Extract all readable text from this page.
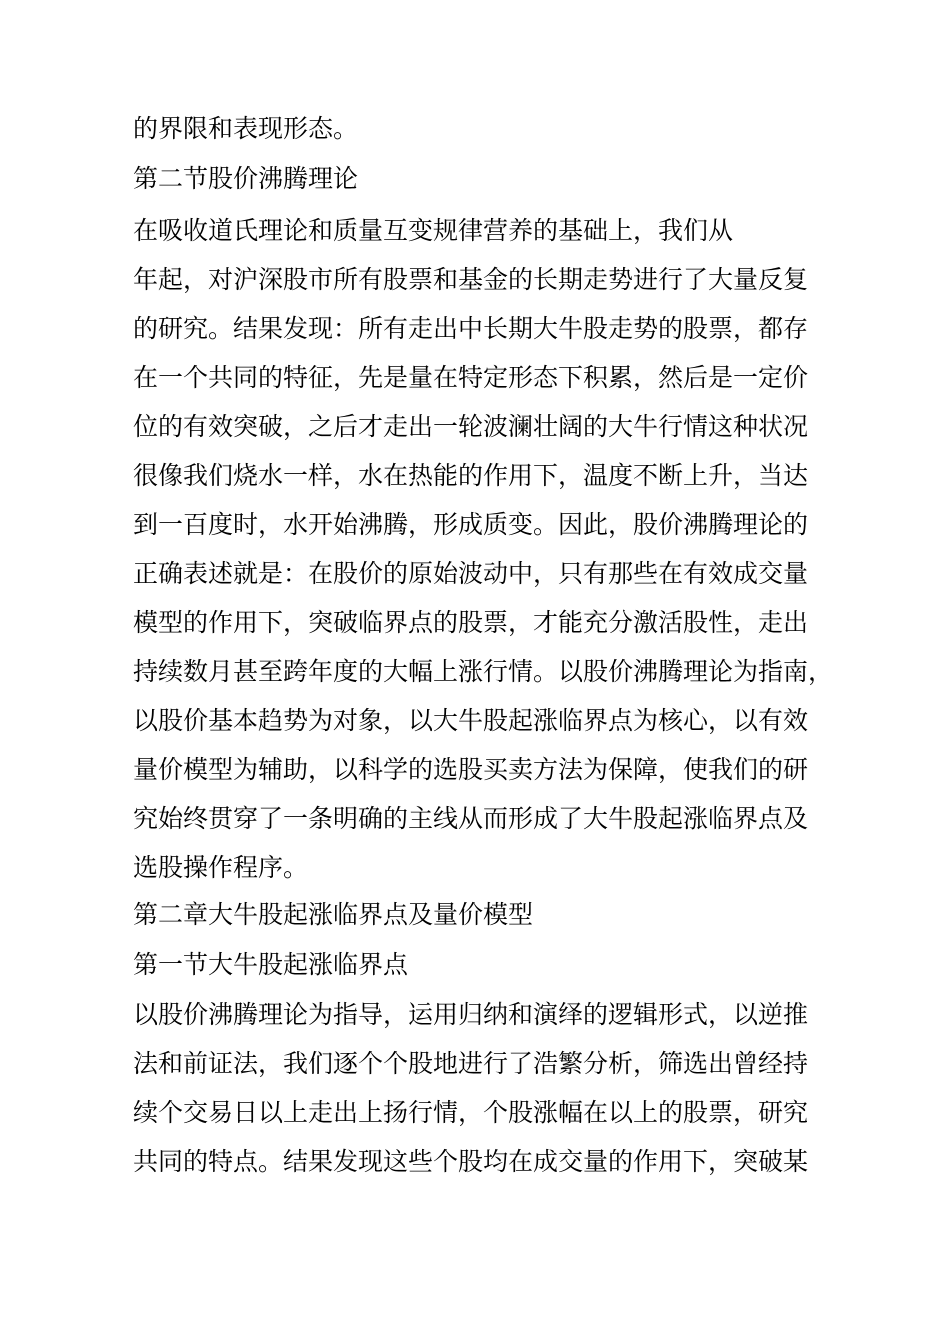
的界限和表现形态。
第二节股价沸腾理论
在吸收道氏理论和质量互变规律营养的基础上，我们从
年起，对沪深股市所有股票和基金的长期走势进行了大量反复
的研究。结果发现：所有走出中长期大牛股走势的股票，都存
在一个共同的特征，先是量在特定形态下积累，然后是一定价
位的有效突破，之后才走出一轮波澜壮阔的大牛行情这种状况
很像我们烧水一样，水在热能的作用下，温度不断上升，当达
到一百度时，水开始沸腾，形成质变。因此，股价沸腾理论的
正确表述就是：在股价的原始波动中，只有那些在有效成交量
模型的作用下，突破临界点的股票，才能充分激活股性，走出
持续数月甚至跨年度的大幅上涨行情。以股价沸腾理论为指南，
以股价基本趋势为对象，以大牛股起涨临界点为核心，以有效
量价模型为辅助，以科学的选股买卖方法为保障，使我们的研
究始终贯穿了一条明确的主线从而形成了大牛股起涨临界点及
选股操作程序。
第二章大牛股起涨临界点及量价模型
第一节大牛股起涨临界点
以股价沸腾理论为指导，运用归纳和演绎的逻辑形式，以逆推
法和前证法，我们逐个个股地进行了浩繁分析，筛选出曾经持
续个交易日以上走出上扬行情，个股涨幅在以上的股票，研究
共同的特点。结果发现这些个股均在成交量的作用下，突破某
